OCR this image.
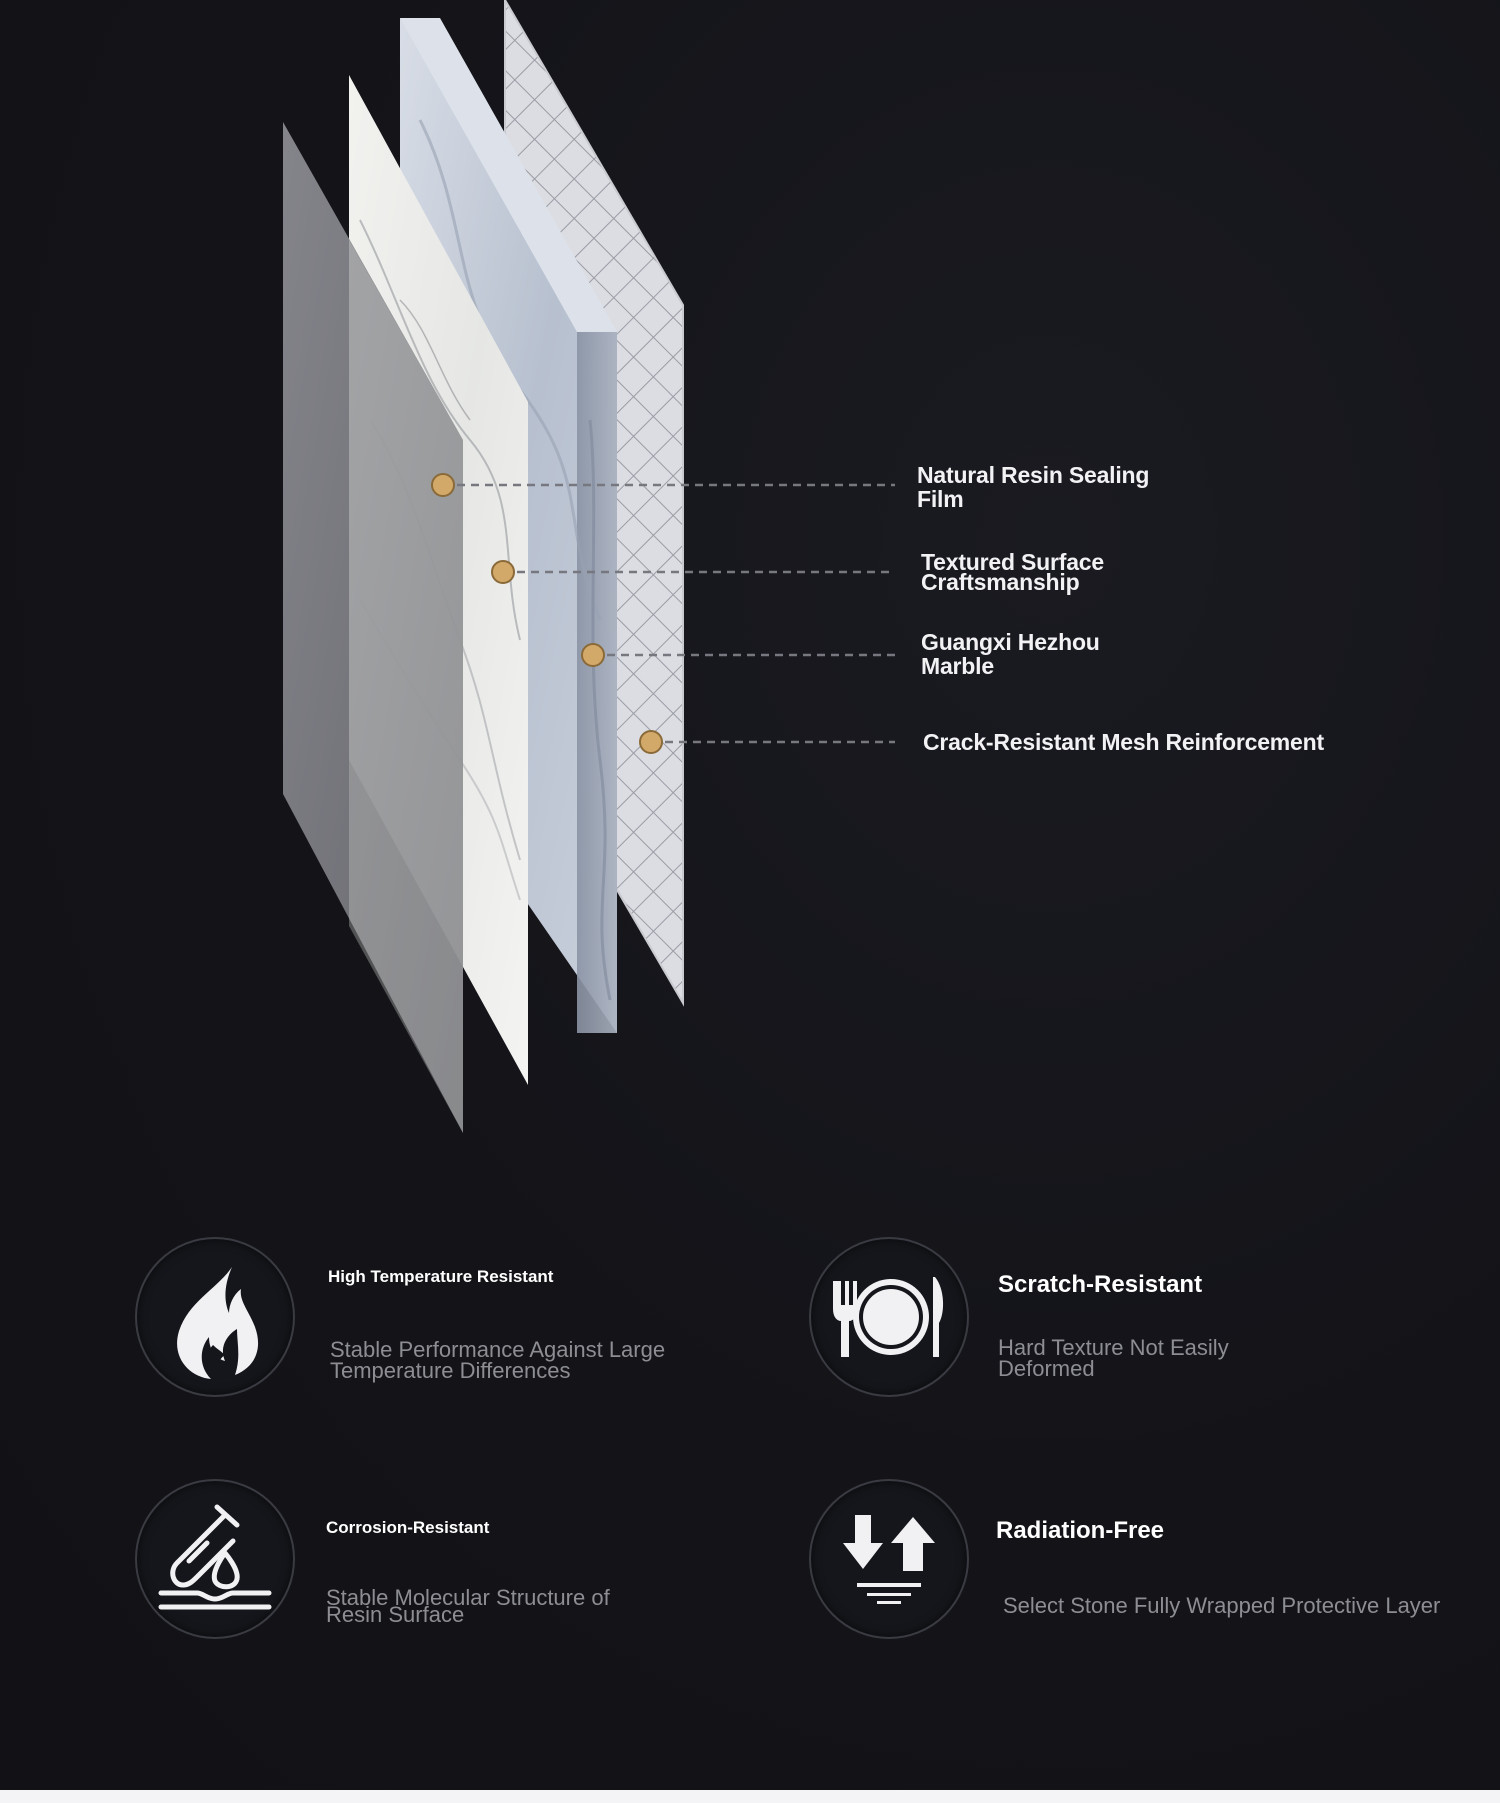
Natural Resin Sealing
Film
Textured Surface
Craftsmanship
Guangxi Hezhou
Marble
Crack-Resistant Mesh Reinforcement
High Temperature Resistant
Stable Performance Against Large
Temperature Differences
Scratch-Resistant
Hard Texture Not Easily
Deformed
Corrosion-Resistant
Stable Molecular Structure of
Resin Surface
Radiation-Free
Select Stone Fully Wrapped Protective Layer
